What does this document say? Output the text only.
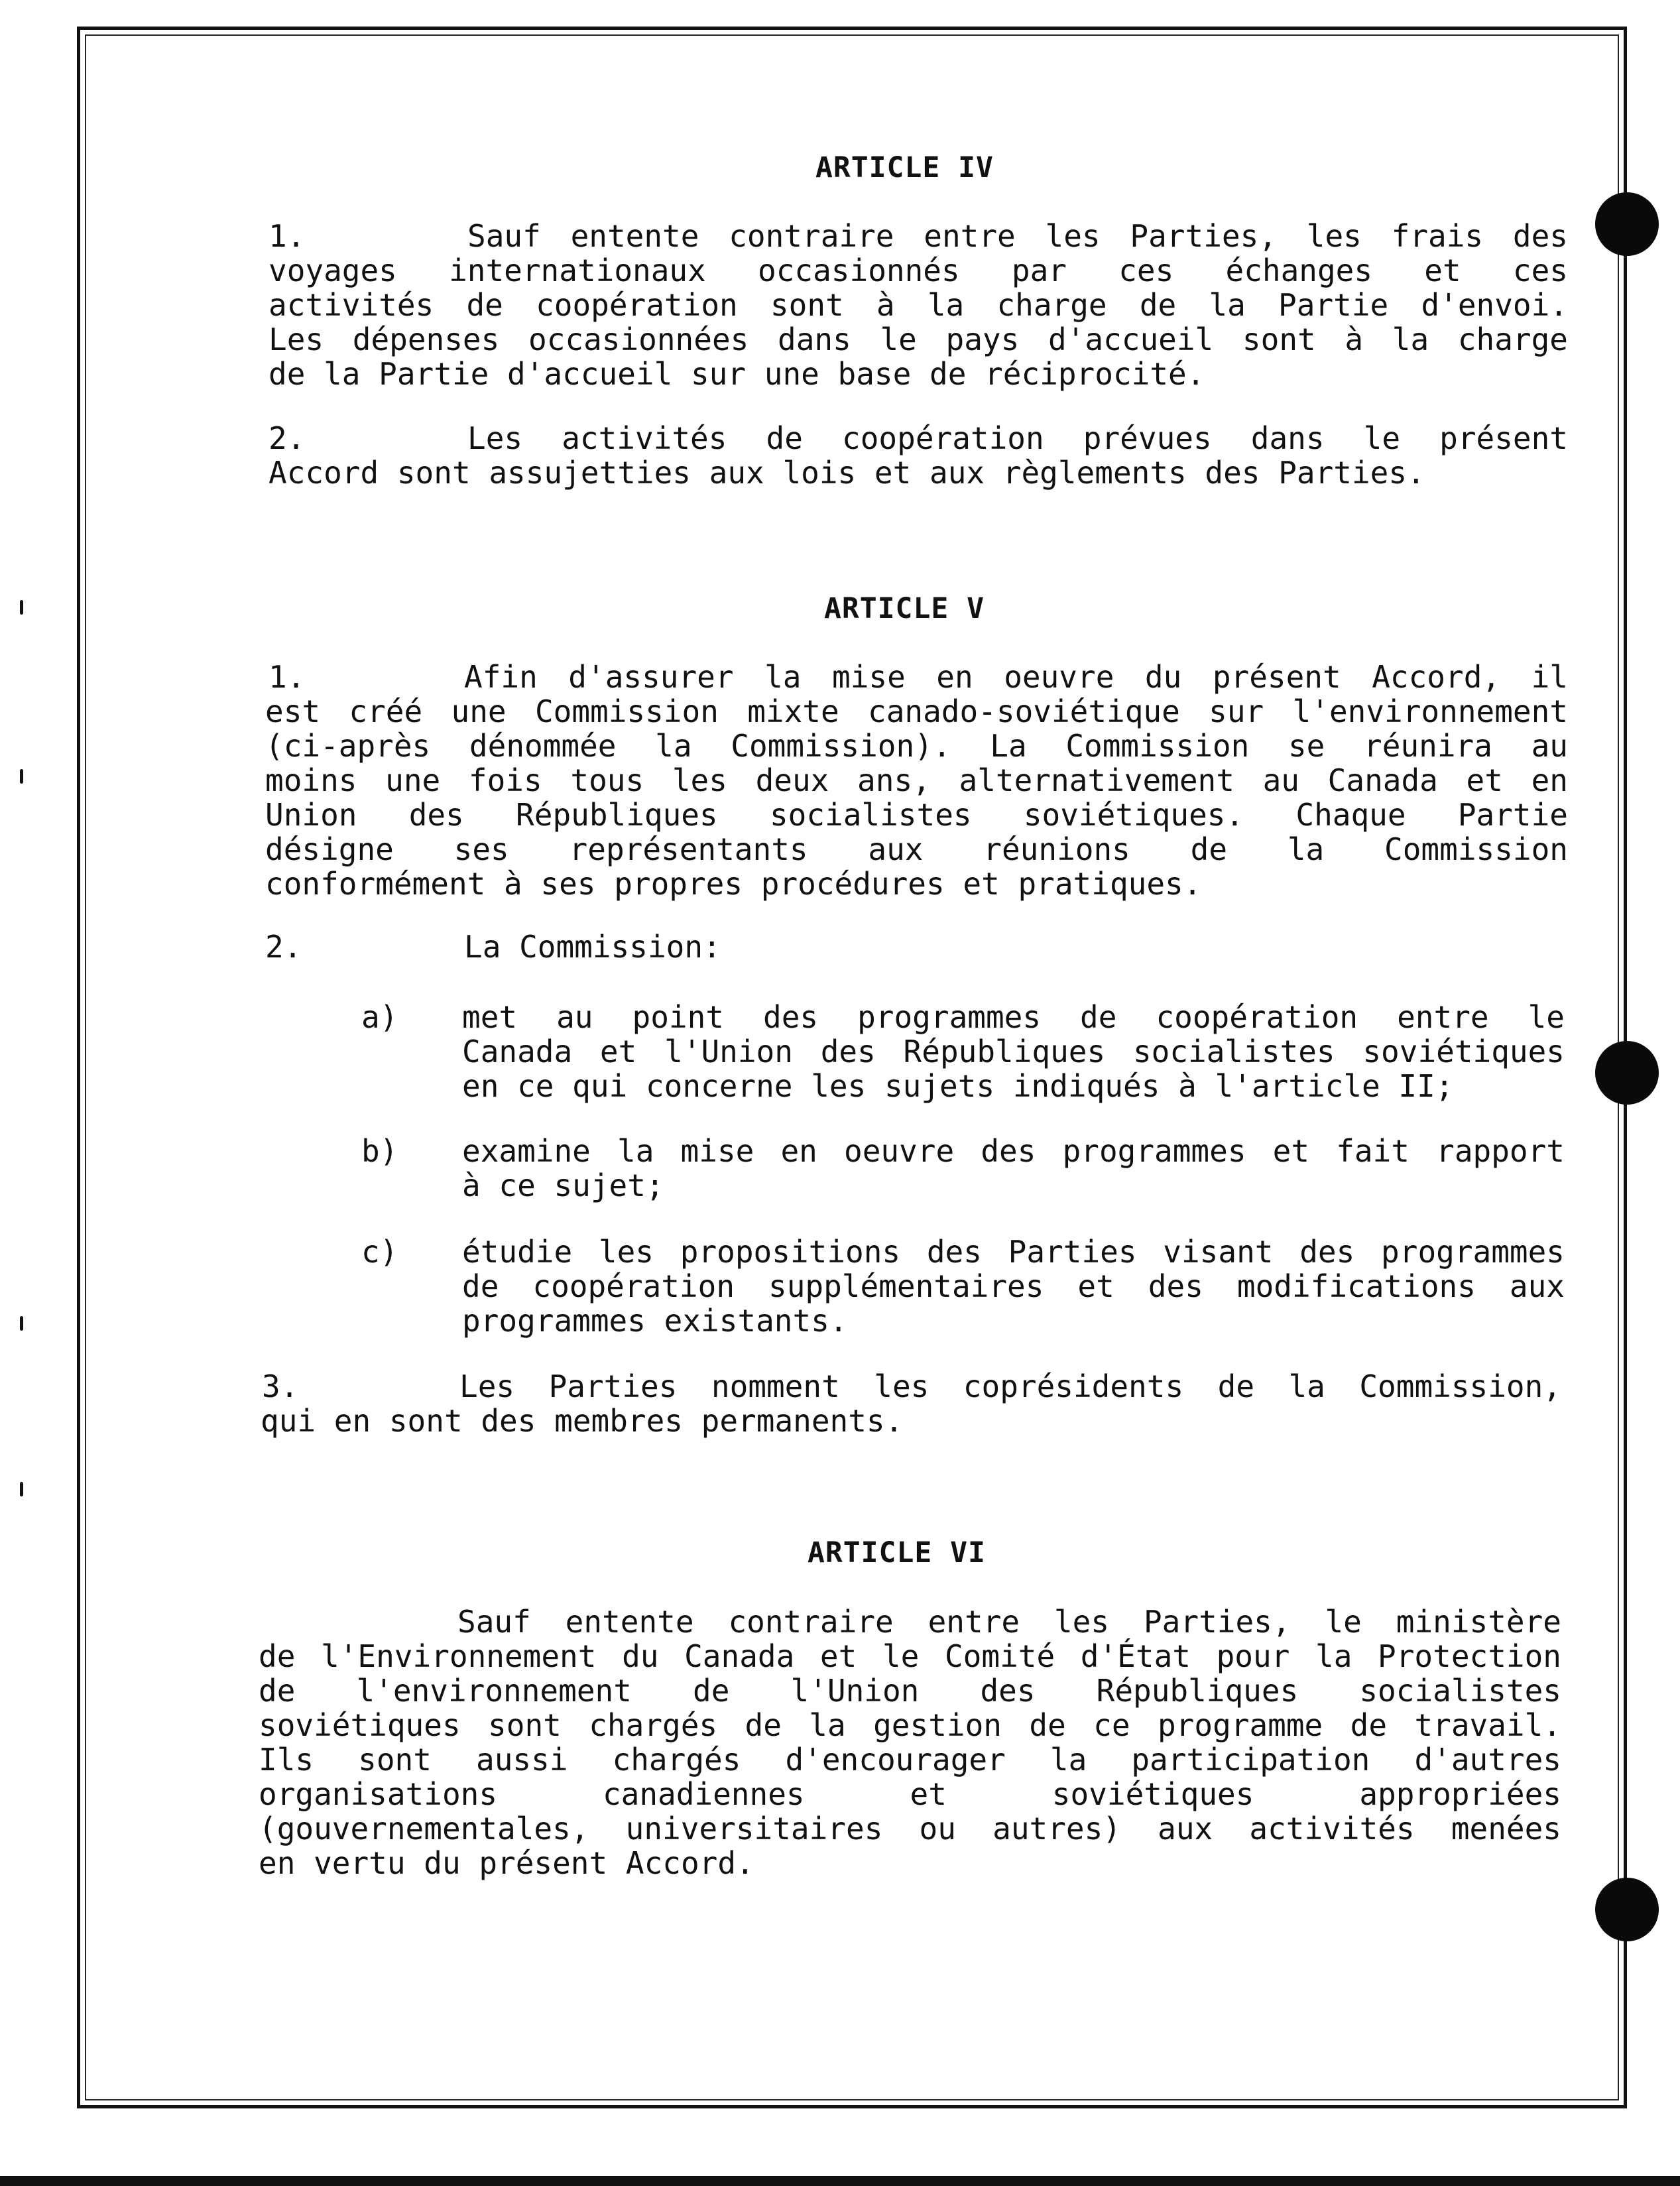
ARTICLE IV
1.	Sauf entente contraire entre les Parties, les frais des
voyages internationaux occasionnés par ces échanges et ces
activités de coopération sont à la charge de la Partie d'envoi.
Les dépenses occasionnées dans le pays d'accueil sont à la charge
de la Partie d'accueil sur une base de réciprocité.
2.	Les activités de coopération prévues dans le présent
Accord sont assujetties aux lois et aux règlements des Parties.
ARTICLE V
1.	Afin d'assurer la mise en oeuvre du présent Accord, il
est créé une Commission mixte canado-soviétique sur l'environnement
(ci-après dénommée la Commission). La Commission se réunira au
moins une fois tous les deux ans, alternativement au Canada et en
Union des Républiques socialistes soviétiques. Chaque Partie
désigne ses représentants aux réunions de la Commission
conformément à ses propres procédures et pratiques.
2.	La Commission:
a) met au point des programmes de coopération entre le
Canada et l'Union des Républiques socialistes soviétiques
en ce qui concerne les sujets indiqués à l'article II;
b) examine la mise en oeuvre des programmes et fait rapport
à ce sujet;
c) étudie les propositions des Parties visant des programmes
de coopération supplémentaires et des modifications aux
programmes existants.
3.	Les Parties nomment les coprésidents de la Commission,
qui en sont des membres permanents.
ARTICLE VI
Sauf entente contraire entre les Parties, le ministère
de l'Environnement du Canada et le Comité d'État pour la Protection
de l'environnement de l'Union des Républiques socialistes
soviétiques sont chargés de la gestion de ce programme de travail.
Ils sont aussi chargés d'encourager la participation d'autres
organisations canadiennes et soviétiques appropriées
(gouvernementales, universitaires ou autres) aux activités menées
en vertu du présent Accord.
